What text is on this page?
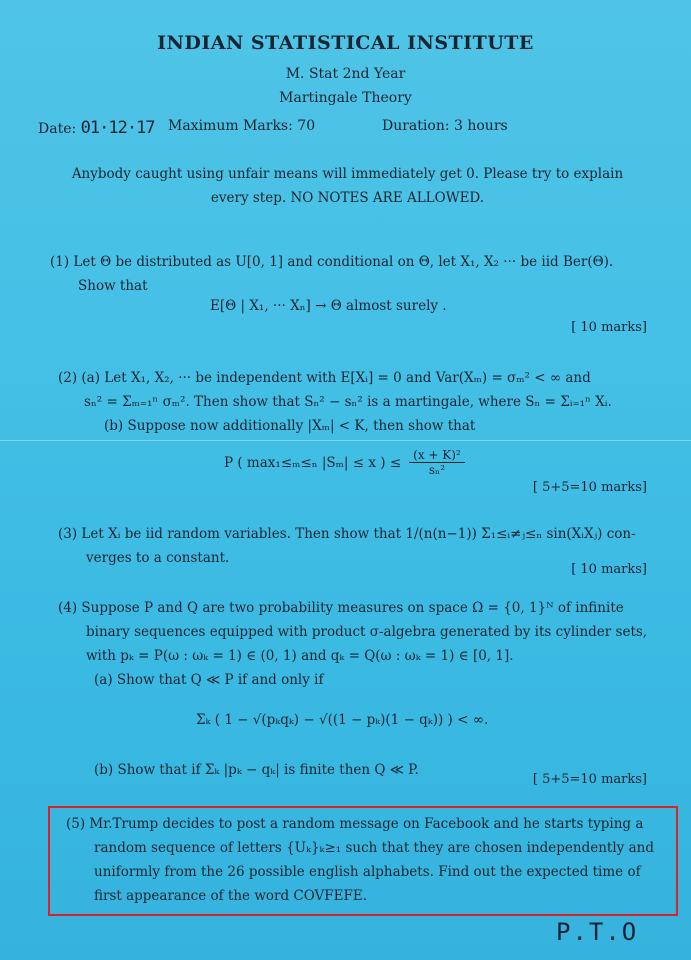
INDIAN STATISTICAL INSTITUTE
M. Stat 2nd Year
Martingale Theory
Date: 01·12·17 Maximum Marks: 70	Duration: 3 hours
Anybody caught using unfair means will immediately get 0. Please try to explain
every step. NO NOTES ARE ALLOWED.
(1) Let Θ be distributed as U[0, 1] and conditional on Θ, let X₁, X₂ ··· be iid Ber(Θ).
Show that
E[Θ | X₁, ··· Xₙ] → Θ almost surely .
[ 10 marks]
(2) (a) Let X₁, X₂, ··· be independent with E[Xᵢ] = 0 and Var(Xₘ) = σₘ² < ∞ and
sₙ² = Σₘ₌₁ⁿ σₘ². Then show that Sₙ² − sₙ² is a martingale, where Sₙ = Σᵢ₌₁ⁿ Xᵢ.
(b) Suppose now additionally |Xₘ| < K, then show that
P ( max₁≤ₘ≤ₙ |Sₘ| ≤ x ) ≤ $\frac{\text{(x + K)²}}{\text{sₙ²}}$
[ 5+5=10 marks]
(3) Let Xᵢ be iid random variables. Then show that 1/(n(n−1)) Σ₁≤ᵢ≠ⱼ≤ₙ sin(XᵢXⱼ) con-
verges to a constant.
[ 10 marks]
(4) Suppose P and Q are two probability measures on space Ω = {0, 1}ᴺ of infinite
binary sequences equipped with product σ-algebra generated by its cylinder sets,
with pₖ = P(ω : ωₖ = 1) ∈ (0, 1) and qₖ = Q(ω : ωₖ = 1) ∈ [0, 1].
(a) Show that Q ≪ P if and only if
Σₖ ( 1 − √(pₖqₖ) − √((1 − pₖ)(1 − qₖ)) ) < ∞.
(b) Show that if Σₖ |pₖ − qₖ| is finite then Q ≪ P.
[ 5+5=10 marks]
(5) Mr.Trump decides to post a random message on Facebook and he starts typing a
random sequence of letters {Uₖ}ₖ≥₁ such that they are chosen independently and
uniformly from the 26 possible english alphabets. Find out the expected time of
first appearance of the word COVFEFE.
P.T.O
